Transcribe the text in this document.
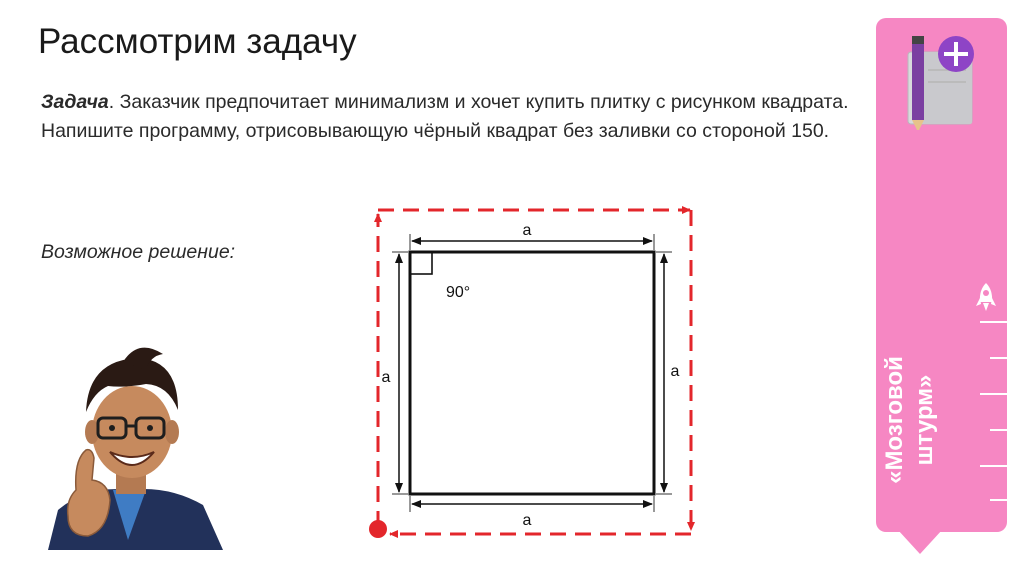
Рассмотрим задачу
Задача. Заказчик предпочитает минимализм и хочет купить плитку с рисунком квадрата. Напишите программу, отрисовывающую чёрный квадрат без заливки со стороной 150.
Возможное решение:
a
a
a	a
90°
«Мозговой штурм»
